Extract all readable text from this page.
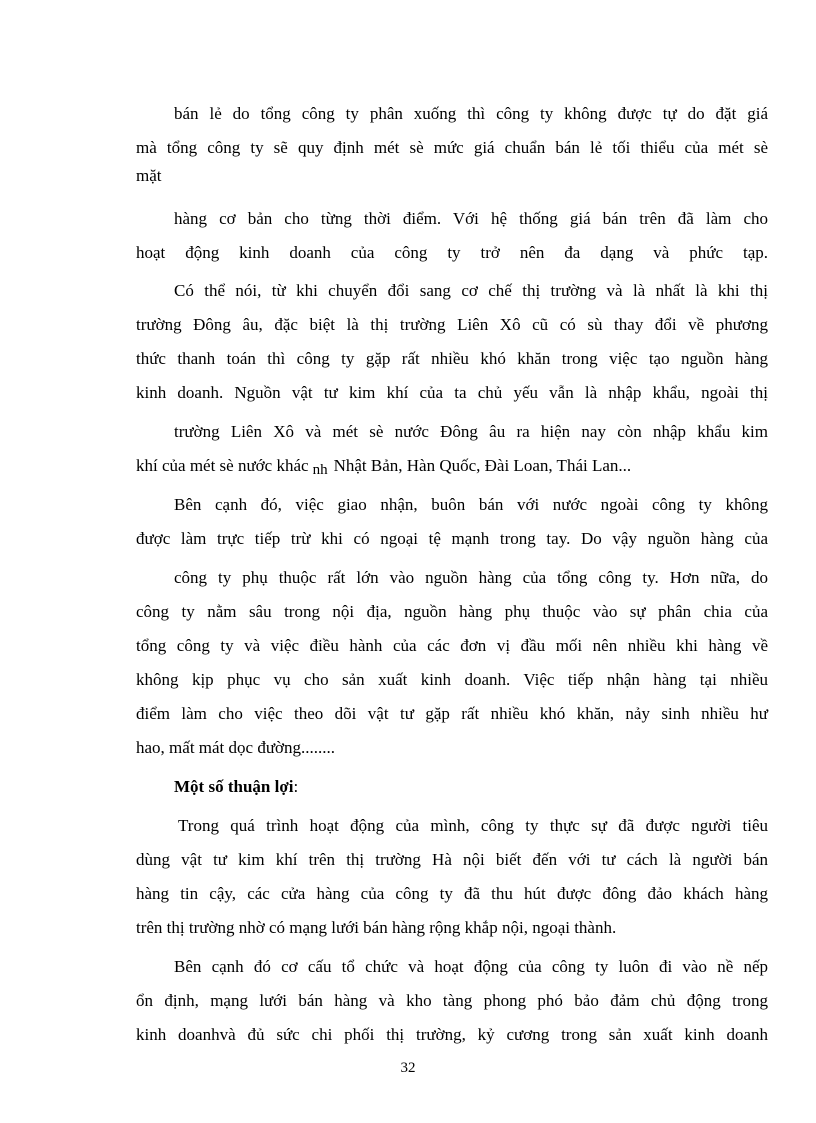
bán lẻ do tổng công ty phân xuống thì công ty không được tự do đặt giá
mà tổng công ty sẽ quy định mét sè mức giá chuẩn bán lẻ tối thiểu của mét sè
mặt
hàng cơ bản cho từng thời điểm. Với hệ thống giá bán trên đã làm cho
hoạt động kinh doanh của công ty trở nên đa dạng và phức tạp.
Có thể nói, từ khi chuyển đổi sang cơ chế thị trường và là nhất là khi thị
trường Đông âu, đặc biệt là thị trường Liên Xô cũ có sù thay đổi về phương
thức thanh toán thì công ty gặp rất nhiều khó khăn trong việc tạo nguồn hàng
kinh doanh. Nguồn vật tư kim khí của ta chủ yếu vẫn là nhập khẩu, ngoài thị
trường Liên Xô và mét sè nước Đông âu ra hiện nay còn nhập khẩu kim
khí của mét sè nước khác nh Nhật Bản, Hàn Quốc, Đài Loan, Thái Lan...
Bên cạnh đó, việc giao nhận, buôn bán với nước ngoài công ty không
được làm trực tiếp trừ khi có ngoại tệ mạnh trong tay. Do vậy nguồn hàng của
công ty phụ thuộc rất lớn vào nguồn hàng của tổng công ty. Hơn nữa, do
công ty nằm sâu trong nội địa, nguồn hàng phụ thuộc vào sự phân chia của
tổng công ty và việc điều hành của các đơn vị đầu mối nên nhiều khi hàng về
không kịp phục vụ cho sản xuất kinh doanh. Việc tiếp nhận hàng tại nhiều
điểm làm cho việc theo dõi vật tư gặp rất nhiều khó khăn, nảy sinh nhiều hư
hao, mất mát dọc đường........
Một số thuận lợi:
Trong quá trình hoạt động của mình, công ty thực sự đã được người tiêu
dùng vật tư kim khí trên thị trường Hà nội biết đến với tư cách là người bán
hàng tin cậy, các cửa hàng của công ty đã thu hút được đông đảo khách hàng
trên thị trường nhờ có mạng lưới bán hàng rộng khắp nội, ngoại thành.
Bên cạnh đó cơ cấu tổ chức và hoạt động của công ty luôn đi vào nề nếp
ổn định, mạng lưới bán hàng và kho tàng phong phó bảo đảm chủ động trong
kinh doanhvà đủ sức chi phối thị trường, kỷ cương trong sản xuất kinh doanh
32
